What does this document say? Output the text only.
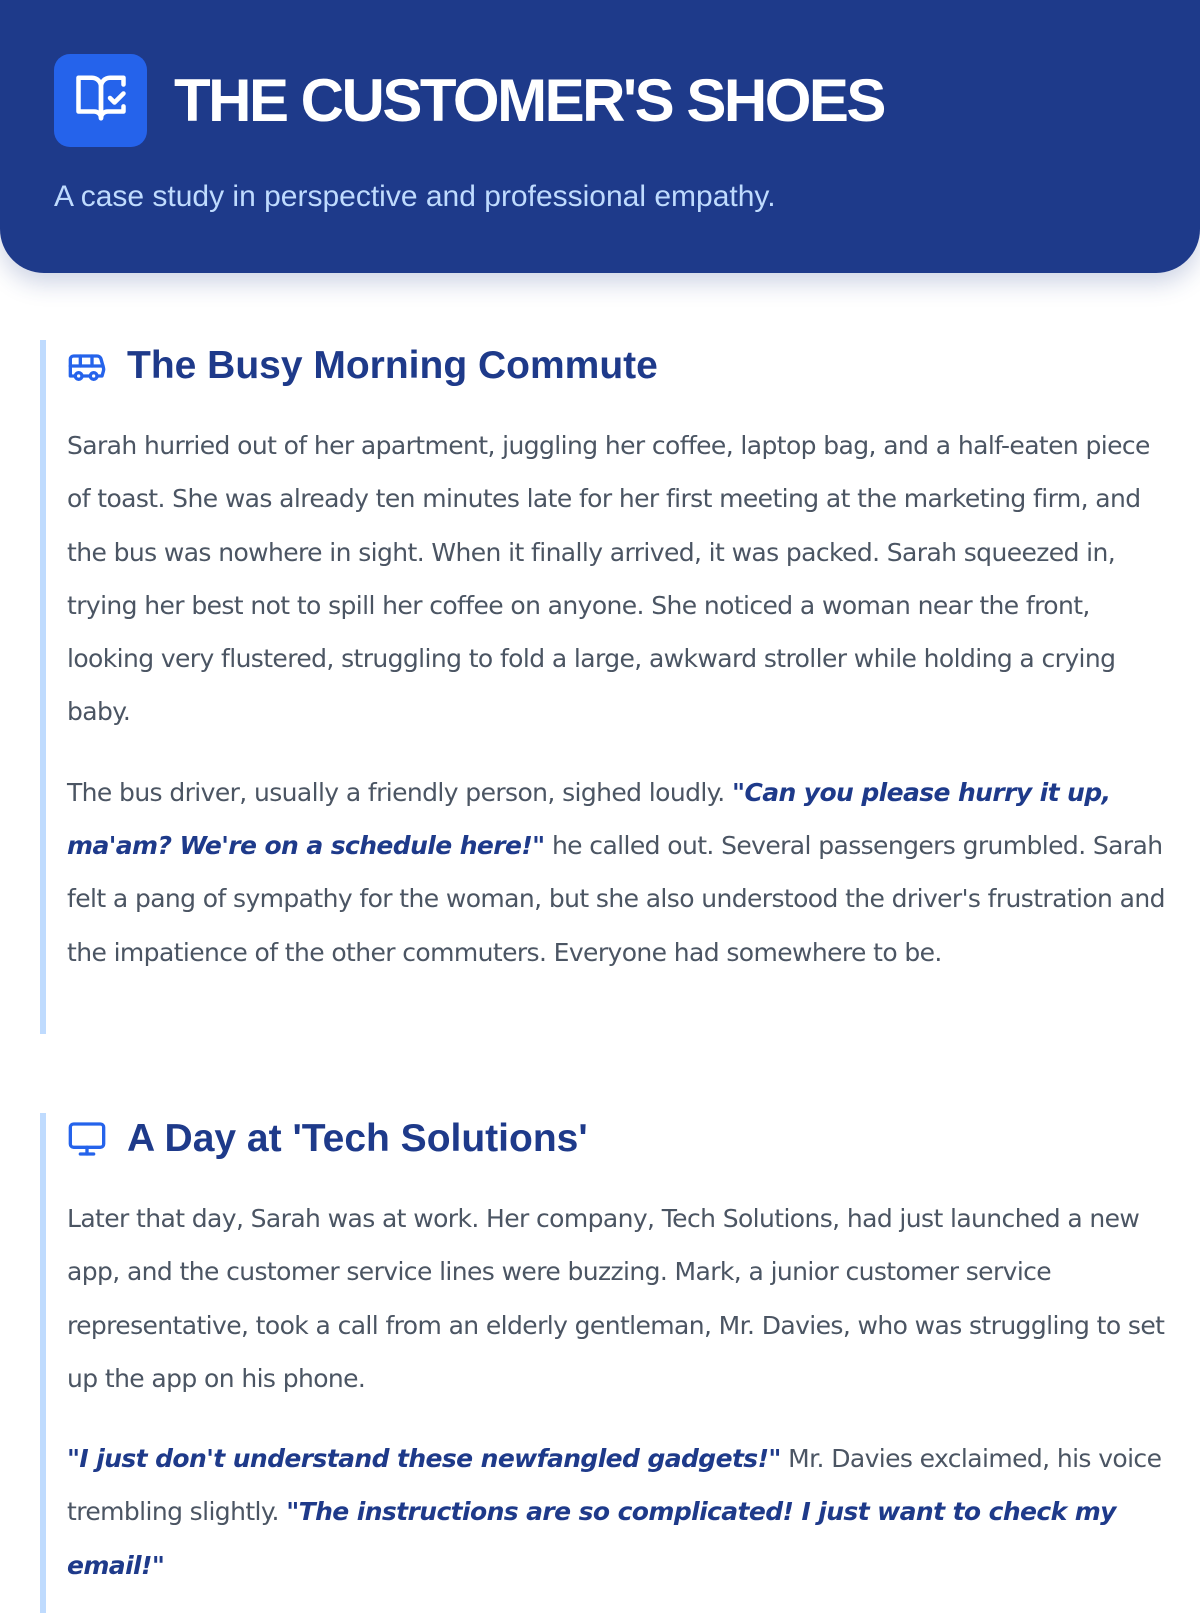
THE CUSTOMER'S SHOES

A case study in perspective and professional empathy.

The Busy Morning Commute

Sarah hurried out of her apartment, juggling her coffee, laptop bag, and a half-eaten piece of toast. She was already ten minutes late for her first meeting at the marketing firm, and the bus was nowhere in sight. When it finally arrived, it was packed. Sarah squeezed in, trying her best not to spill her coffee on anyone. She noticed a woman near the front, looking very flustered, struggling to fold a large, awkward stroller while holding a crying baby.

The bus driver, usually a friendly person, sighed loudly. "Can you please hurry it up, ma'am? We're on a schedule here!" he called out. Several passengers grumbled. Sarah felt a pang of sympathy for the woman, but she also understood the driver's frustration and the impatience of the other commuters. Everyone had somewhere to be.

A Day at 'Tech Solutions'

Later that day, Sarah was at work. Her company, Tech Solutions, had just launched a new app, and the customer service lines were buzzing. Mark, a junior customer service representative, took a call from an elderly gentleman, Mr. Davies, who was struggling to set up the app on his phone.

"I just don't understand these newfangled gadgets!" Mr. Davies exclaimed, his voice trembling slightly. "The instructions are so complicated! I just want to check my email!"
